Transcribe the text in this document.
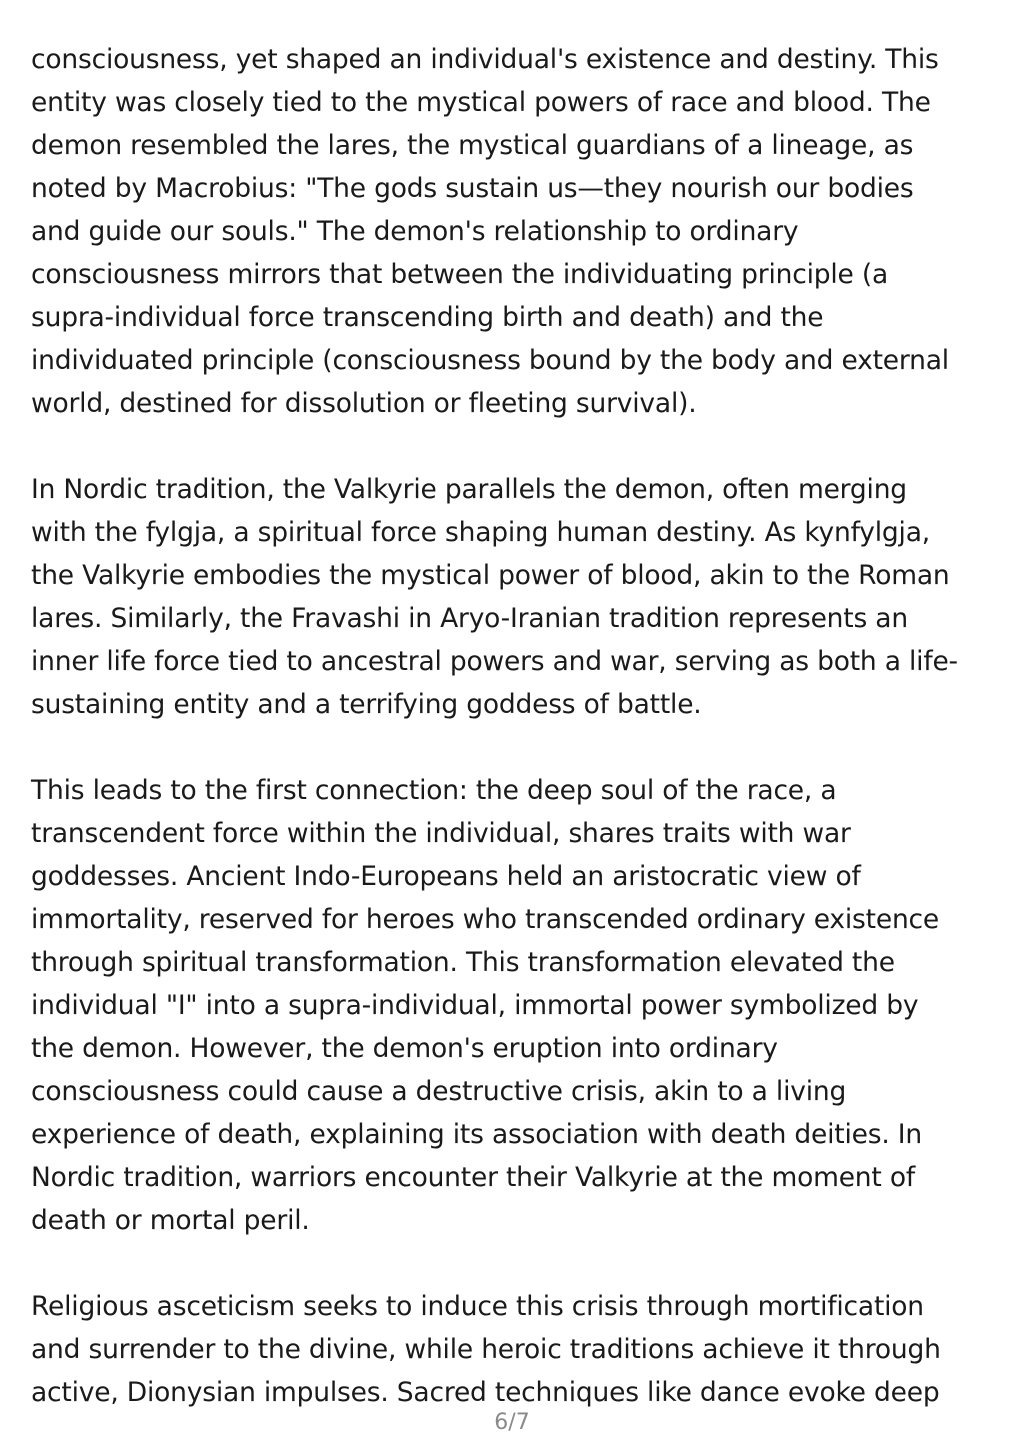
consciousness, yet shaped an individual's existence and destiny. This
entity was closely tied to the mystical powers of race and blood. The
demon resembled the lares, the mystical guardians of a lineage, as
noted by Macrobius: "The gods sustain us—they nourish our bodies
and guide our souls." The demon's relationship to ordinary
consciousness mirrors that between the individuating principle (a
supra-individual force transcending birth and death) and the
individuated principle (consciousness bound by the body and external
world, destined for dissolution or fleeting survival).

In Nordic tradition, the Valkyrie parallels the demon, often merging
with the fylgja, a spiritual force shaping human destiny. As kynfylgja,
the Valkyrie embodies the mystical power of blood, akin to the Roman
lares. Similarly, the Fravashi in Aryo-Iranian tradition represents an
inner life force tied to ancestral powers and war, serving as both a life-
sustaining entity and a terrifying goddess of battle.

This leads to the first connection: the deep soul of the race, a
transcendent force within the individual, shares traits with war
goddesses. Ancient Indo-Europeans held an aristocratic view of
immortality, reserved for heroes who transcended ordinary existence
through spiritual transformation. This transformation elevated the
individual "I" into a supra-individual, immortal power symbolized by
the demon. However, the demon's eruption into ordinary
consciousness could cause a destructive crisis, akin to a living
experience of death, explaining its association with death deities. In
Nordic tradition, warriors encounter their Valkyrie at the moment of
death or mortal peril.

Religious asceticism seeks to induce this crisis through mortification
and surrender to the divine, while heroic traditions achieve it through
active, Dionysian impulses. Sacred techniques like dance evoke deep

6/7
